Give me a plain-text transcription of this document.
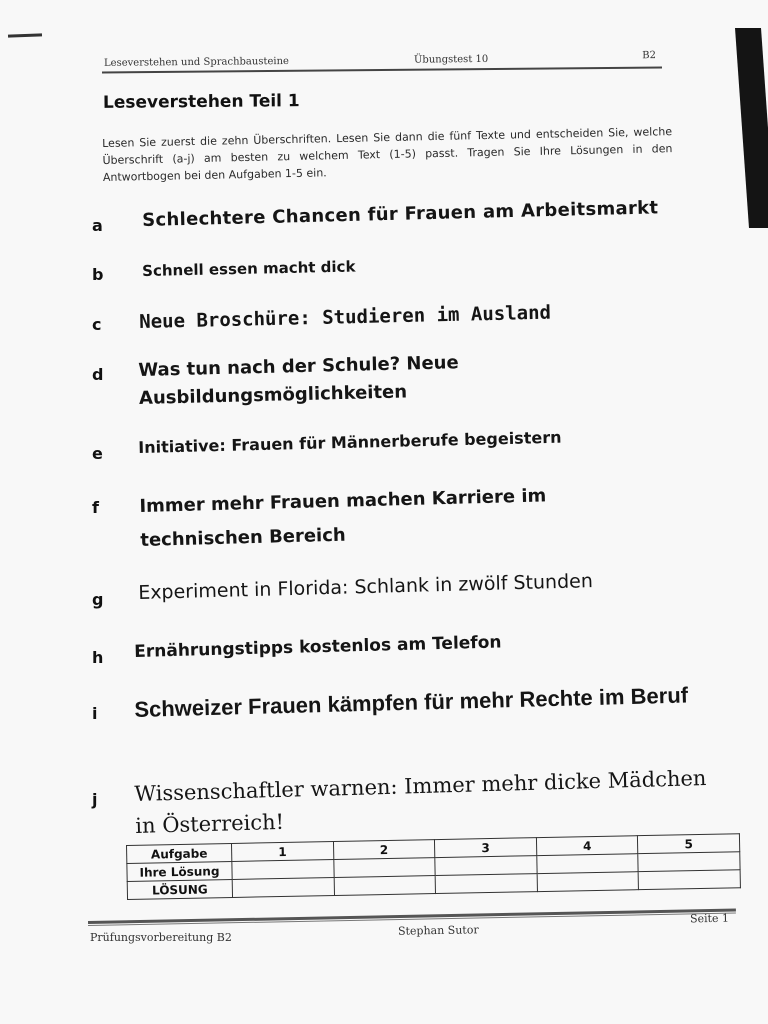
Leseverstehen und Sprachbausteine	Übungstest 10	B2
Leseverstehen Teil 1

Lesen Sie zuerst die zehn Überschriften. Lesen Sie dann die fünf Texte und entscheiden Sie, welche Überschrift (a-j) am besten zu welchem Text (1-5) passt. Tragen Sie Ihre Lösungen in den Antwortbogen bei den Aufgaben 1-5 ein.

a Schlechtere Chancen für Frauen am Arbeitsmarkt
b	Schnell essen macht dick
c Neue Broschüre: Studieren im Ausland
d Was tun nach der Schule? Neue Ausbildungsmöglichkeiten
e Initiative: Frauen für Männerberufe begeistern
f Immer mehr Frauen machen Karriere im technischen Bereich
g Experiment in Florida: Schlank in zwölf Stunden
h Ernährungstipps kostenlos am Telefon
i Schweizer Frauen kämpfen für mehr Rechte im Beruf
j Wissenschaftler warnen: Immer mehr dicke Mädchen in Österreich!
Aufgabe	1	2	3	4	5
Ihre Lösung					
LÖSUNG					
Prüfungsvorbereitung B2	Stephan Sutor
Seite 1
